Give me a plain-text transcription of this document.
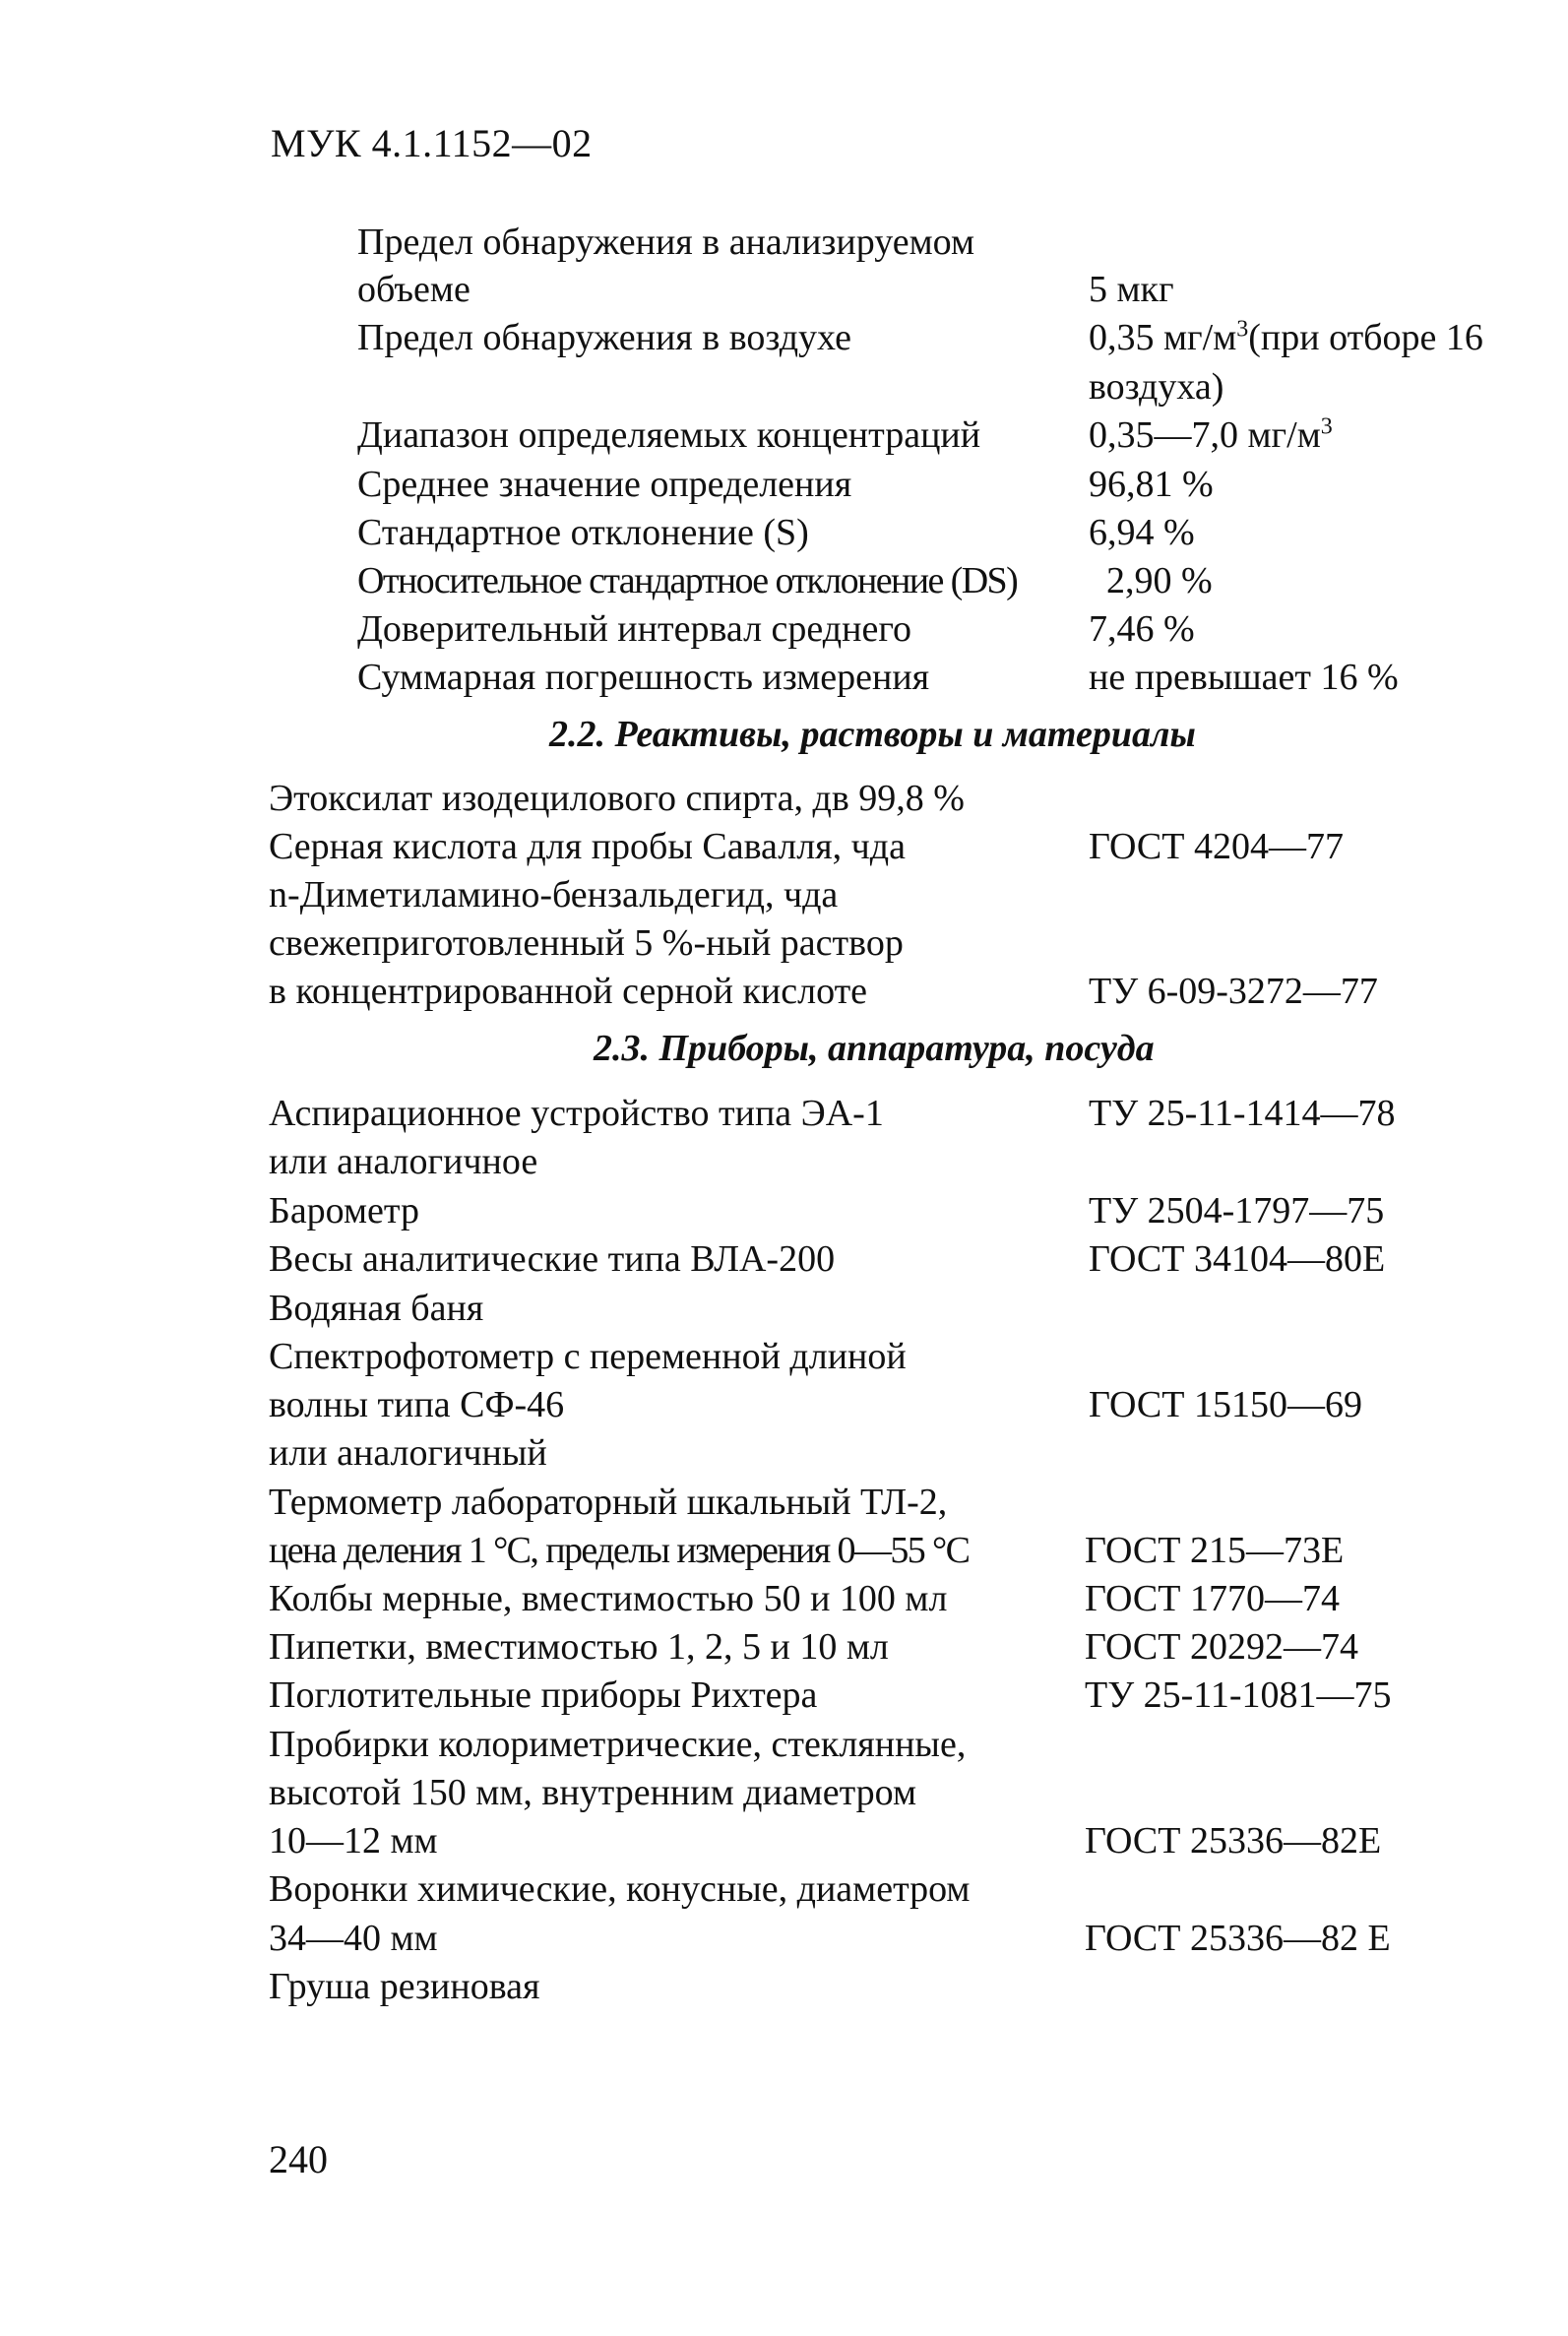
МУК 4.1.1152—02
Предел обнаружения в анализируемом
объеме	5 мкг
Предел обнаружения в воздухе	0,35 $мг/м^3(при$ отборе 16
воздуха)
Диапазон определяемых концентраций	0,35—7,0 $мг/м^3$
Среднее значение определения	96,81 %
Стандартное отклонение (S)	6,94 %
Относительное стандартное отклонение (DS) 2,90 %
Доверительный интервал среднего	7,46 %
Суммарная погрешность измерения	не превышает 16 %
2.2. Реактивы, растворы и материалы
Этоксилат изодецилового спирта, дв 99,8 %
Серная кислота для пробы Савалля, чда	ГОСТ 4204—77
n-Диметиламино-бензальдегид, чда
свежеприготовленный 5 %-ный раствор
в концентрированной серной кислоте	ТУ 6-09-3272—77
2.3. Приборы, аппаратура, посуда
Аспирационное устройство типа ЭА-1	ТУ 25-11-1414—78
или аналогичное
Барометр	ТУ 2504-1797—75
Весы аналитические типа ВЛА-200	ГОСТ 34104—80Е
Водяная баня
Спектрофотометр с переменной длиной
волны типа СФ-46	ГОСТ 15150—69
или аналогичный
Термометр лабораторный шкальный ТЛ-2,
цена деления 1 °С, пределы измерения 0—55 °С	ГОСТ 215—73Е
Колбы мерные, вместимостью 50 и 100 мл	ГОСТ 1770—74
Пипетки, вместимостью 1, 2, 5 и 10 мл	ГОСТ 20292—74
Поглотительные приборы Рихтера	ТУ 25-11-1081—75
Пробирки колориметрические, стеклянные,
высотой 150 мм, внутренним диаметром
10—12 мм	ГОСТ 25336—82Е
Воронки химические, конусные, диаметром
34—40 мм	ГОСТ 25336—82 Е
Груша резиновая
240
